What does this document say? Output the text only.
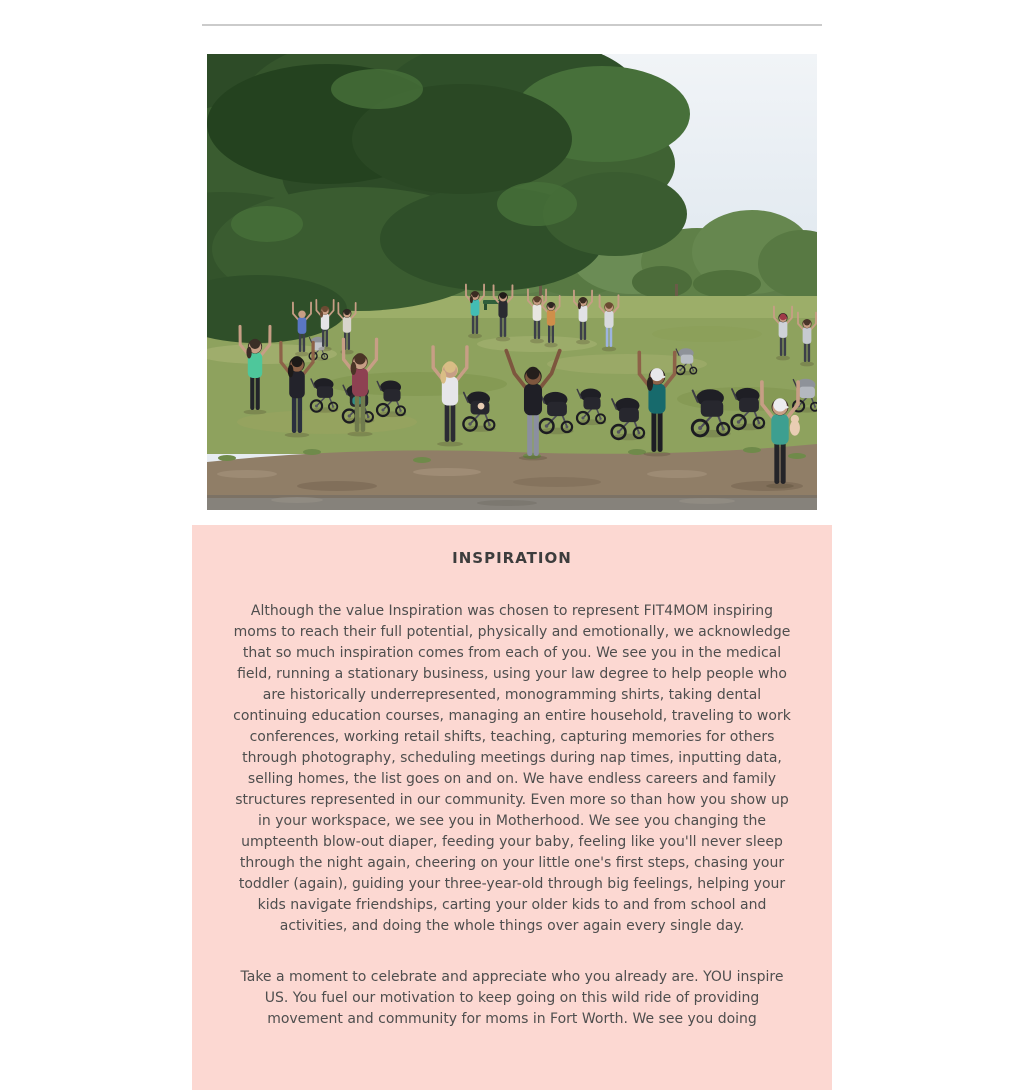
INSPIRATION

Although the value Inspiration was chosen to represent FIT4MOM inspiring moms to reach their full potential, physically and emotionally, we acknowledge that so much inspiration comes from each of you. We see you in the medical field, running a stationary business, using your law degree to help people who are historically underrepresented, monogramming shirts, taking dental continuing education courses, managing an entire household, traveling to work conferences, working retail shifts, teaching, capturing memories for others through photography, scheduling meetings during nap times, inputting data, selling homes, the list goes on and on. We have endless careers and family structures represented in our community. Even more so than how you show up in your workspace, we see you in Motherhood. We see you changing the umpteenth blow-out diaper, feeding your baby, feeling like you'll never sleep through the night again, cheering on your little one's first steps, chasing your toddler (again), guiding your three-year-old through big feelings, helping your kids navigate friendships, carting your older kids to and from school and activities, and doing the whole things over again every single day.

Take a moment to celebrate and appreciate who you already are. YOU inspire US. You fuel our motivation to keep going on this wild ride of providing movement and community for moms in Fort Worth. We see you doing
